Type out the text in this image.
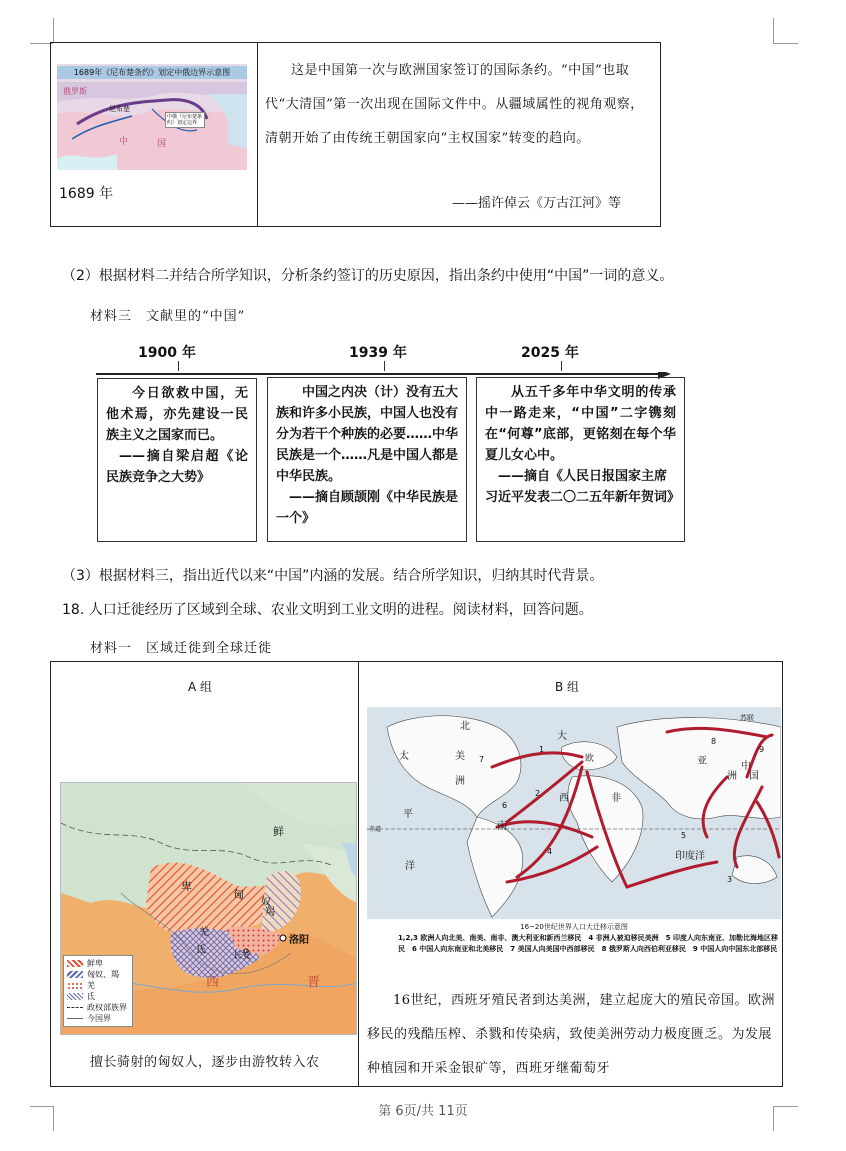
1689年《尼布楚条约》划定中俄边界示意图
俄罗斯
尼布楚
中	国
中俄《尼布楚条约》划定边界
1689 年
这是中国第一次与欧洲国家签订的国际条约。“中国”也取代“大清国”第一次出现在国际文件中。从疆域属性的视角观察，清朝开始了由传统王朝国家向“主权国家”转变的趋向。
——摇许倬云《万古江河》等
（2）根据材料二并结合所学知识，分析条约签订的历史原因，指出条约中使用“中国”一词的意义。
材料三　文献里的“中国”
1900 年	1939 年	2025 年
今日欲救中国，无他术焉，亦先建设一民族主义之国家而已。
——摘自梁启超《论民族竞争之大势》
中国之内决（计）没有五大族和许多小民族，中国人也没有分为若干个种族的必要……中华民族是一个……凡是中国人都是中华民族。
——摘自顾颉刚《中华民族是一个》
从五千多年中华文明的传承中一路走来，“中国”二字镌刻在“何尊”底部，更铭刻在每个华夏儿女心中。
——摘自《人民日报国家主席习近平发表二〇二五年新年贺词》
（3）根据材料三，指出近代以来“中国”内涵的发展。结合所学知识，归纳其时代背景。
18. 人口迁徙经历了区域到全球、农业文明到工业文明的进程。阅读材料，回答问题。
材料一　区域迁徙到全球迁徙
A 组
鲜
卑
匈
奴
羯
羌
氐
洛阳
长安
西	晋
鲜卑
匈奴、羯
羌
氐
政权部族界
今国界
擅长骑射的匈奴人，逐步由游牧转入农
B 组
北
大
太	美
洲
西
平
洋
南
非
亚
洲
中
国
印度洋
赤道
苏联
欧
1
2
3
4
5
6
7
8
9
16~20世纪世界人口大迁移示意图
1,2,3 欧洲人向北美、南美、南非、澳大利亚和新西兰移民　4 非洲人被迫移民美洲　5 印度人向东南亚、加勒比海地区移民　6 中国人向东南亚和北美移民　7 美国人向美国中西部移民　8 俄罗斯人向西伯利亚移民　9 中国人向中国东北部移民
16世纪，西班牙殖民者到达美洲，建立起庞大的殖民帝国。欧洲移民的残酷压榨、杀戮和传染病，致使美洲劳动力极度匮乏。为发展种植园和开采金银矿等，西班牙继葡萄牙
第 6页/共 11页
